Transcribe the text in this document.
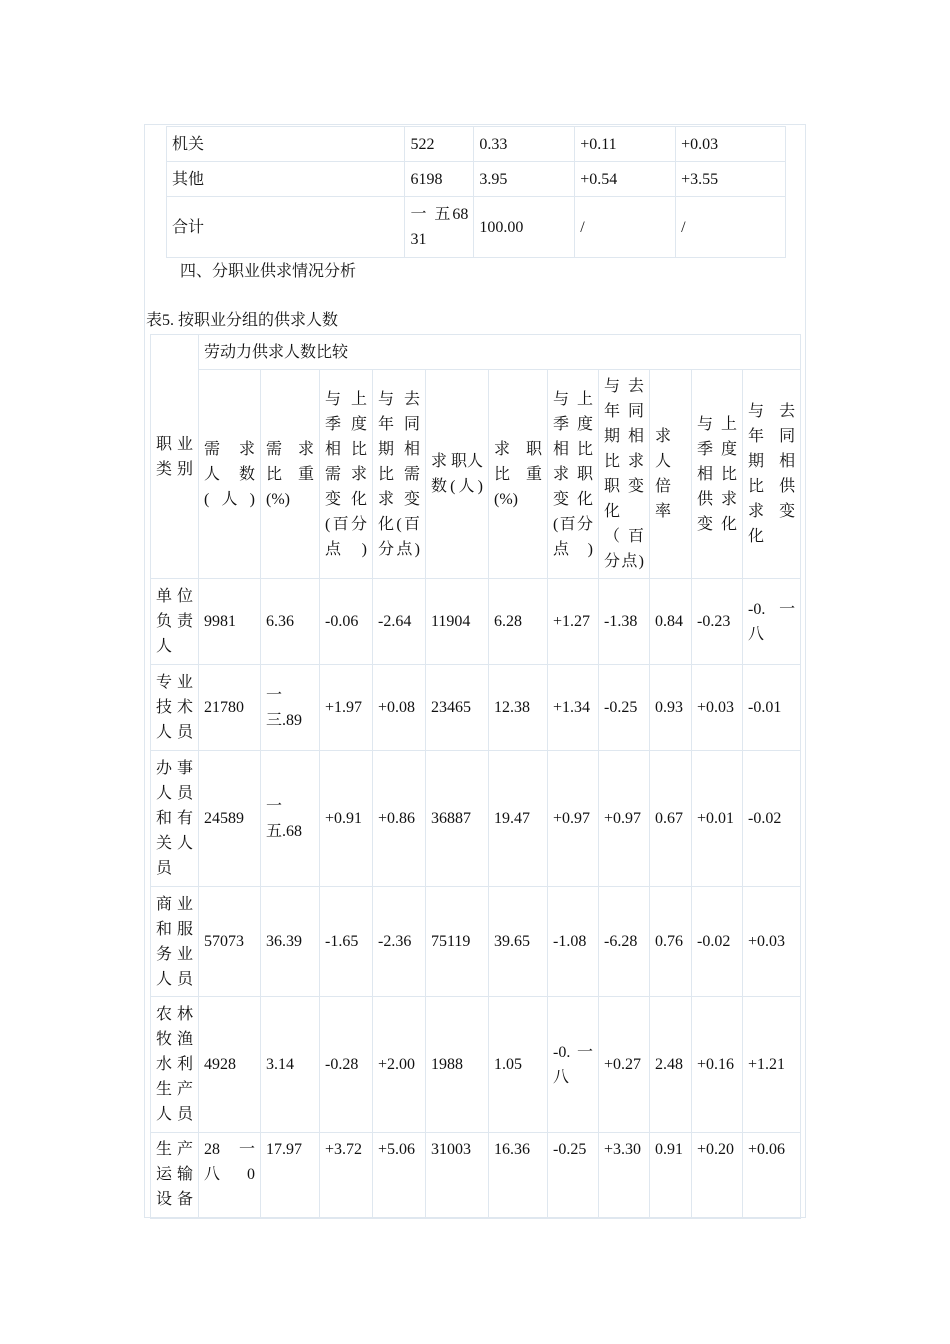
机关	522	0.33	+0.11	+0.03
其他	6198	3.95	+0.54	+3.55
合计	一 五6831	100.00	/	/
四、分职业供求情况分析
表5. 按职业分组的供求人数
职 业类别	劳动力供求人数比较										
	需 求人 数(人)	需 求比 重(%)	与 上季 度相 比需 求变 化(百分点)	与 去年 同期 相比 需求 变化(百分点)	求 职人 数(人)	求 职比 重(%)	与 上季 度相 比求 职变 化(百分点)	与 去年 同期 相比 求职 变化 （百分点)	求 人倍 率	与 上季 度 相比 供 求变化	与 去年 同期 相比 供求 变化
单 位负 责人	9981	6.36	-0.06	-2.64	11904	6.28	+1.27	-1.38	0.84	-0.23	-0. 一八
专 业技 术人员	21780	一三.89	+1.97	+0.08	23465	12.38	+1.34	-0.25	0.93	+0.03	-0.01
办 事人 员和 有关 人员	24589	一五.68	+0.91	+0.86	36887	19.47	+0.97	+0.97	0.67	+0.01	-0.02
商 业和 服务 业人员	57073	36.39	-1.65	-2.36	75119	39.65	-1.08	-6.28	0.76	-0.02	+0.03
农 林牧 渔水 利生 产人员	4928	3.14	-0.28	+2.00	1988	1.05	-0. 一八	+0.27	2.48	+0.16	+1.21
生 产运 输设 备	28 一八0	17.97	+3.72	+5.06	31003	16.36	-0.25	+3.30	0.91	+0.20	+0.06
